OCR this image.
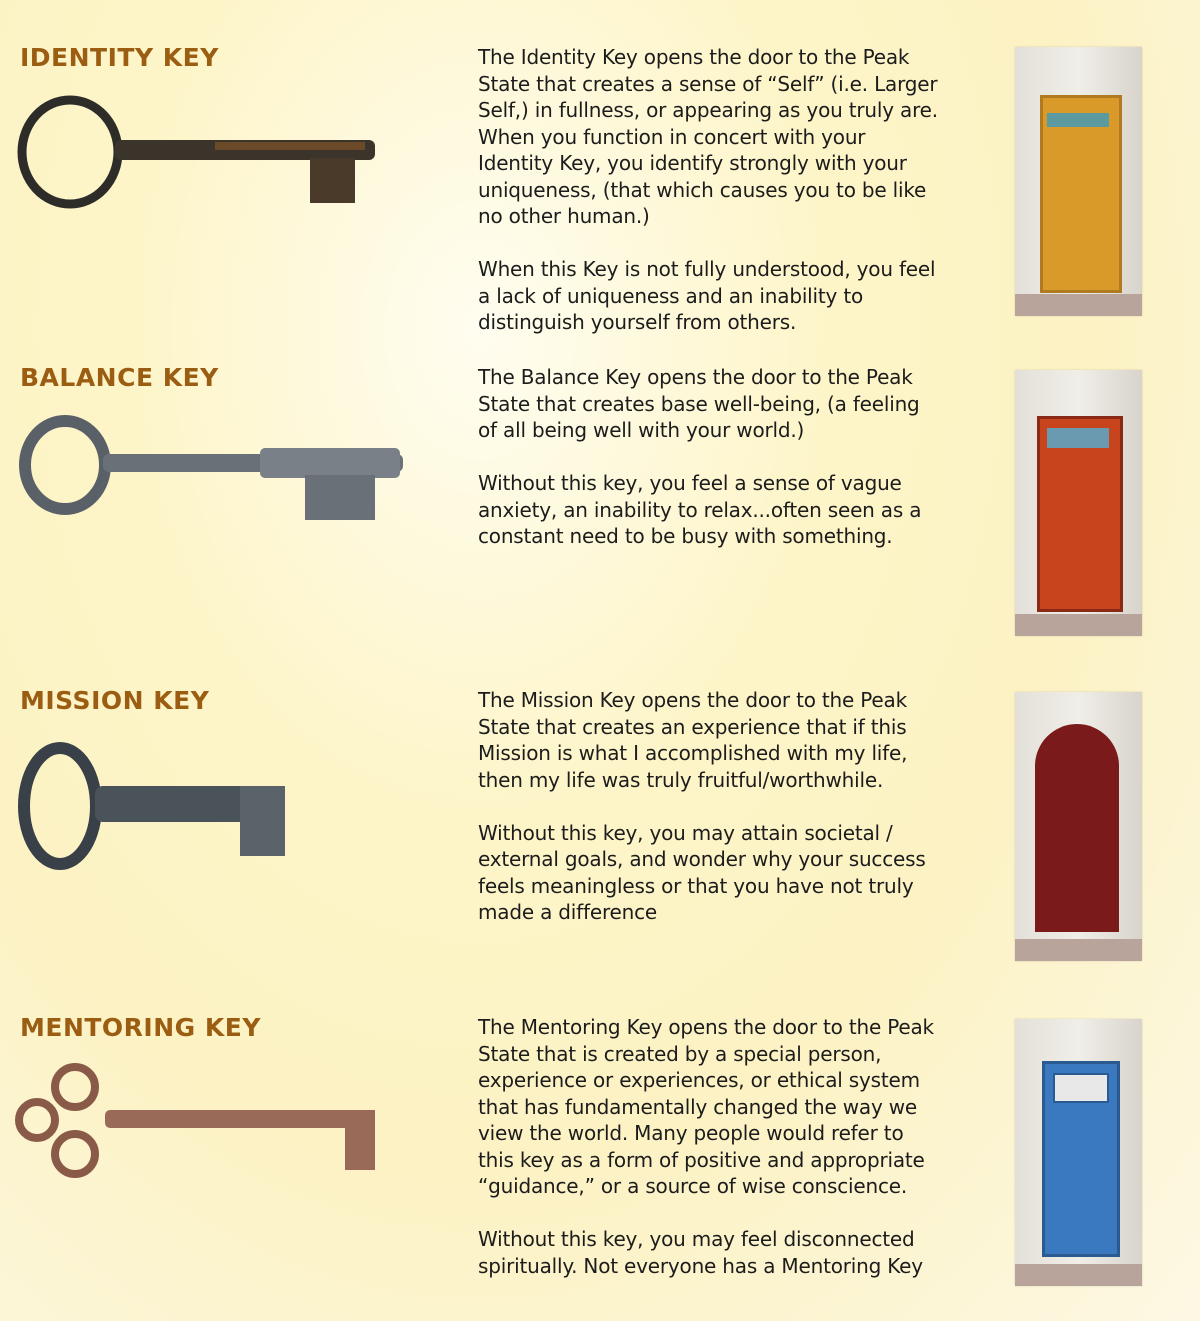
IDENTITY KEY	The Identity Key opens the door to the Peak State that creates a sense of “Self” (i.e. Larger Self,) in fullness, or appearing as you truly are. When you function in concert with your Identity Key, you identify strongly with your uniqueness, (that which causes you to be like no other human.)

When this Key is not fully understood, you feel a lack of uniqueness and an inability to distinguish yourself from others.

BALANCE KEY	The Balance Key opens the door to the Peak State that creates base well-being, (a feeling of all being well with your world.)

Without this key, you feel a sense of vague anxiety, an inability to relax...often seen as a constant need to be busy with something.

MISSION KEY	The Mission Key opens the door to the Peak State that creates an experience that if this Mission is what I accomplished with my life, then my life was truly fruitful/worthwhile.

Without this key, you may attain societal / external goals, and wonder why your success feels meaningless or that you have not truly made a difference

MENTORING KEY	The Mentoring Key opens the door to the Peak State that is created by a special person, experience or experiences, or ethical system that has fundamentally changed the way we view the world. Many people would refer to this key as a form of positive and appropriate “guidance,” or a source of wise conscience.

Without this key, you may feel disconnected spiritually. Not everyone has a Mentoring Key
